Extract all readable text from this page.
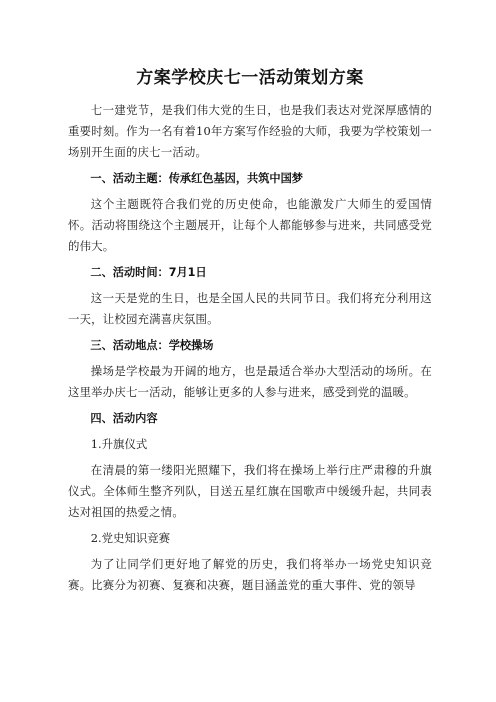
方案学校庆七一活动策划方案

七一建党节，是我们伟大党的生日，也是我们表达对党深厚感情的重要时刻。作为一名有着10年方案写作经验的大师，我要为学校策划一场别开生面的庆七一活动。

一、活动主题：传承红色基因，共筑中国梦

这个主题既符合我们党的历史使命，也能激发广大师生的爱国情怀。活动将围绕这个主题展开，让每个人都能够参与进来，共同感受党的伟大。

二、活动时间：7月1日

这一天是党的生日，也是全国人民的共同节日。我们将充分利用这一天，让校园充满喜庆氛围。

三、活动地点：学校操场

操场是学校最为开阔的地方，也是最适合举办大型活动的场所。在这里举办庆七一活动，能够让更多的人参与进来，感受到党的温暖。

四、活动内容

1.升旗仪式

在清晨的第一缕阳光照耀下，我们将在操场上举行庄严肃穆的升旗仪式。全体师生整齐列队，目送五星红旗在国歌声中缓缓升起，共同表达对祖国的热爱之情。

2.党史知识竞赛

为了让同学们更好地了解党的历史，我们将举办一场党史知识竞赛。比赛分为初赛、复赛和决赛，题目涵盖党的重大事件、党的领导
